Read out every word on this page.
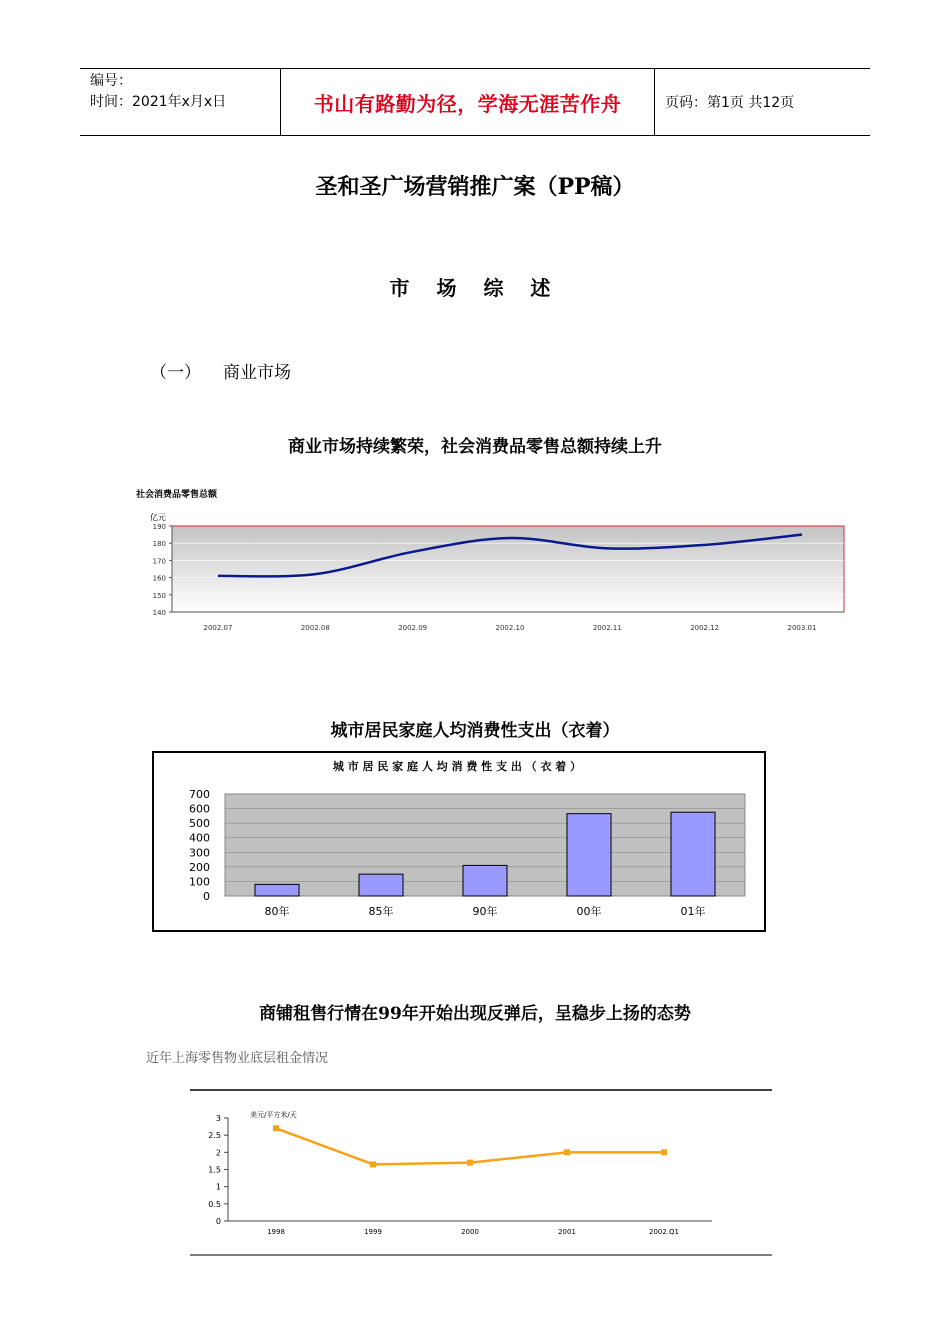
编号：
时间：2021年x月x日	书山有路勤为径，学海无涯苦作舟	页码：第1页 共12页
圣和圣广场营销推广案（PP稿）
市 场 综 述
（一） 商业市场
商业市场持续繁荣，社会消费品零售总额持续上升
城市居民家庭人均消费性支出（衣着）
商铺租售行情在99年开始出现反弹后，呈稳步上扬的态势
社会消费品零售总额
亿元
190
180
170
160
150
140
2002.07	2002.08	2002.09	2002.10	2002.11	2002.12	2003.01
城 市 居 民 家 庭 人 均 消 费 性 支 出 （ 衣 着 ）
700
600
500
400
300
200
100
0
80年	85年	90年	00年	01年
近年上海零售物业底层租金情况
美元/平方米/天
3
2.5
2
1.5
1
0.5
0
1998	1999	2000	2001	2002.Q1
